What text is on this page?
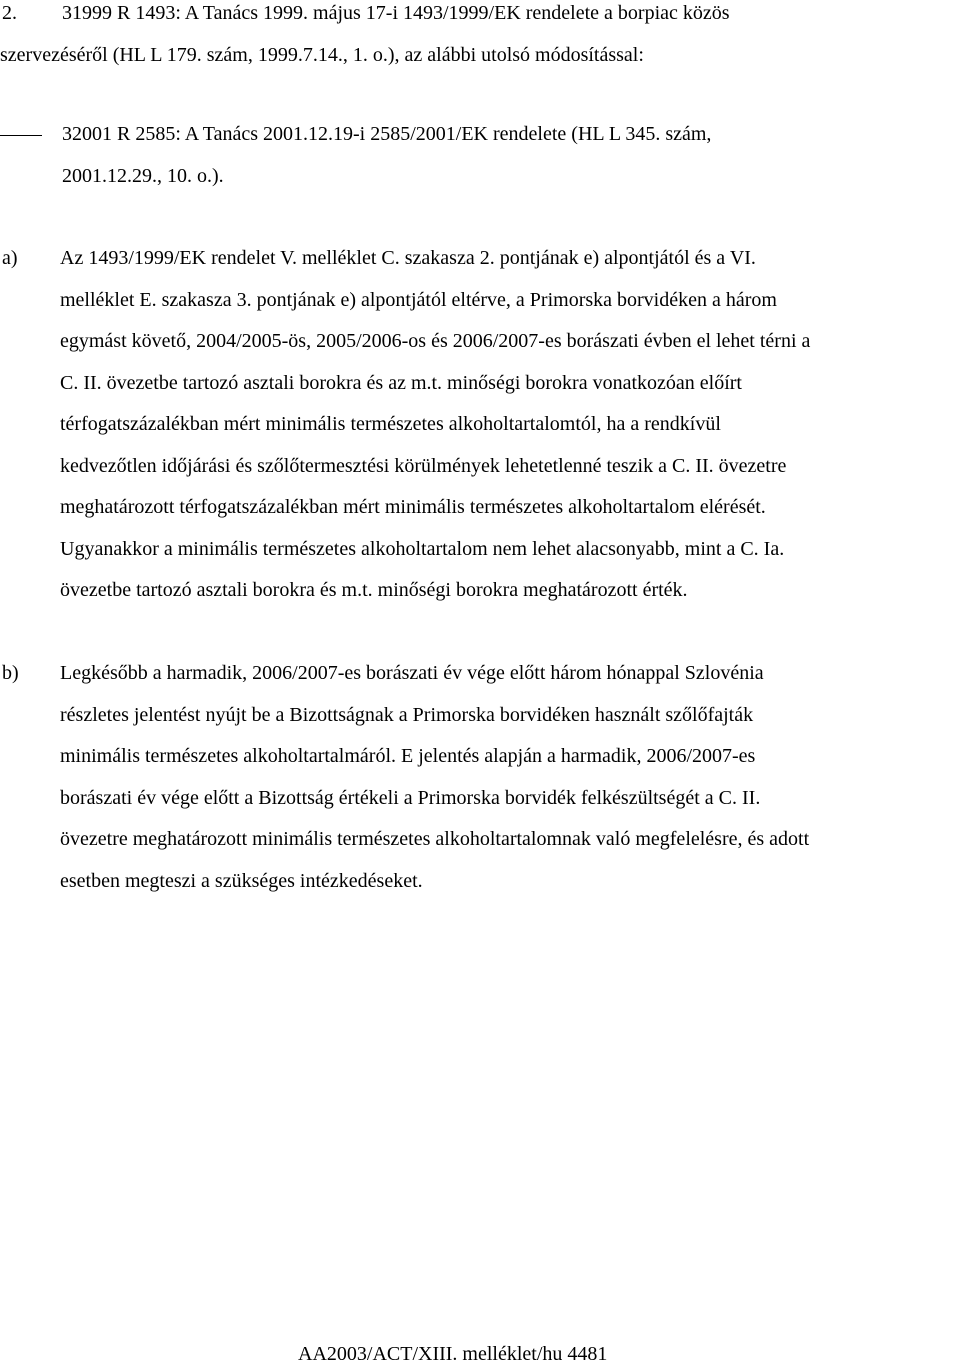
2. 31999 R 1493: A Tanács 1999. május 17-i 1493/1999/EK rendelete a borpiac közös
szervezéséről (HL L 179. szám, 1999.7.14., 1. o.), az alábbi utolsó módosítással:
32001 R 2585: A Tanács 2001.12.19-i 2585/2001/EK rendelete (HL L 345. szám,
2001.12.29., 10. o.).
a) Az 1493/1999/EK rendelet V. melléklet C. szakasza 2. pontjának e) alpontjától és a VI.
melléklet E. szakasza 3. pontjának e) alpontjától eltérve, a Primorska borvidéken a három
egymást követő, 2004/2005-ös, 2005/2006-os és 2006/2007-es borászati évben el lehet térni a
C. II. övezetbe tartozó asztali borokra és az m.t. minőségi borokra vonatkozóan előírt
térfogatszázalékban mért minimális természetes alkoholtartalomtól, ha a rendkívül
kedvezőtlen időjárási és szőlőtermesztési körülmények lehetetlenné teszik a C. II. övezetre
meghatározott térfogatszázalékban mért minimális természetes alkoholtartalom elérését.
Ugyanakkor a minimális természetes alkoholtartalom nem lehet alacsonyabb, mint a C. Ia.
övezetbe tartozó asztali borokra és m.t. minőségi borokra meghatározott érték.
b) Legkésőbb a harmadik, 2006/2007-es borászati év vége előtt három hónappal Szlovénia
részletes jelentést nyújt be a Bizottságnak a Primorska borvidéken használt szőlőfajták
minimális természetes alkoholtartalmáról. E jelentés alapján a harmadik, 2006/2007-es
borászati év vége előtt a Bizottság értékeli a Primorska borvidék felkészültségét a C. II.
övezetre meghatározott minimális természetes alkoholtartalomnak való megfelelésre, és adott
esetben megteszi a szükséges intézkedéseket.
AA2003/ACT/XIII. melléklet/hu 4481
